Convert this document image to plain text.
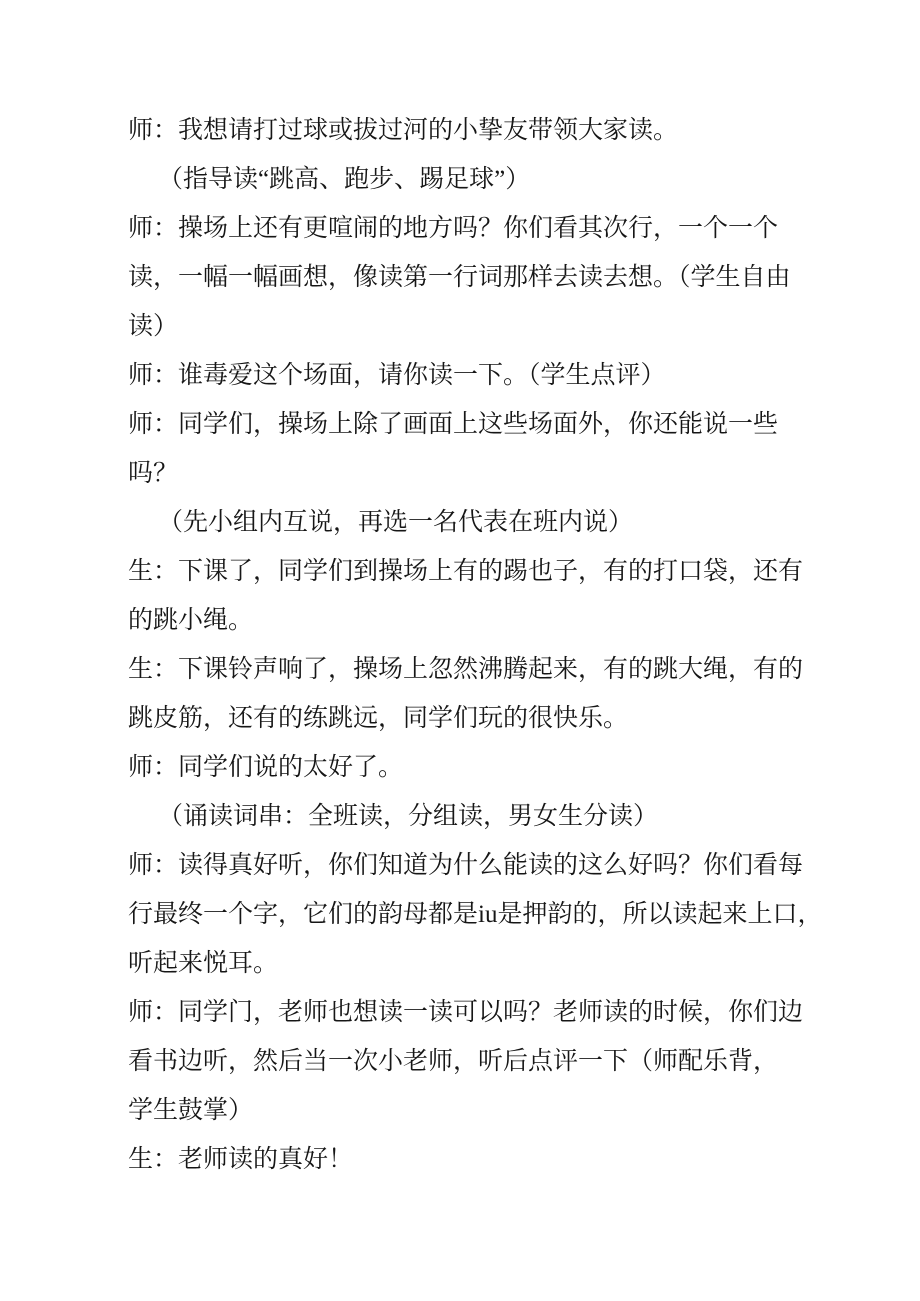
师：我想请打过球或拔过河的小挚友带领大家读。
（指导读“跳高、跑步、踢足球”）
师：操场上还有更喧闹的地方吗？你们看其次行，一个一个
读，一幅一幅画想，像读第一行词那样去读去想。（学生自由
读）
师：谁毒爱这个场面，请你读一下。（学生点评）
师：同学们，操场上除了画面上这些场面外，你还能说一些
吗？
（先小组内互说，再选一名代表在班内说）
生：下课了，同学们到操场上有的踢也子，有的打口袋，还有
的跳小绳。
生：下课铃声响了，操场上忽然沸腾起来，有的跳大绳，有的
跳皮筋，还有的练跳远，同学们玩的很快乐。
师：同学们说的太好了。
（诵读词串：全班读，分组读，男女生分读）
师：读得真好听，你们知道为什么能读的这么好吗？你们看每
行最终一个字，它们的韵母都是iu是押韵的，所以读起来上口，
听起来悦耳。
师：同学门，老师也想读一读可以吗？老师读的时候，你们边
看书边听，然后当一次小老师，听后点评一下（师配乐背，
学生鼓掌）
生：老师读的真好！
